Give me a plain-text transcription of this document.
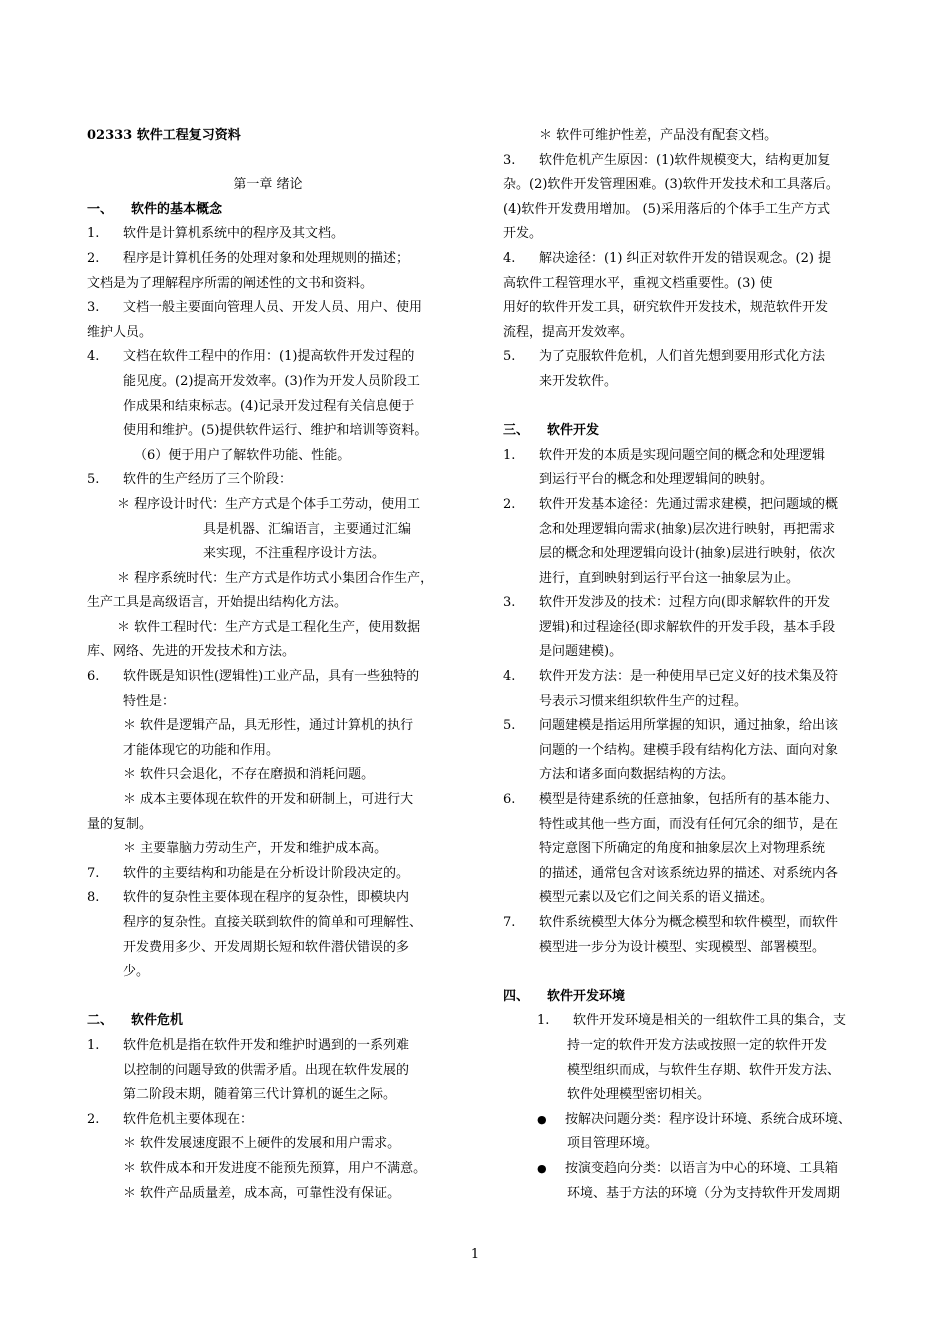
02333 软件工程复习资料
第一章 绪论
一、 软件的基本概念
1. 软件是计算机系统中的程序及其文档。
2. 程序是计算机任务的处理对象和处理规则的描述；
文档是为了理解程序所需的阐述性的文书和资料。
3. 文档一般主要面向管理人员、开发人员、用户、使用
维护人员。
4. 文档在软件工程中的作用：(1)提高软件开发过程的
能见度。(2)提高开发效率。(3)作为开发人员阶段工
作成果和结束标志。(4)记录开发过程有关信息便于
使用和维护。(5)提供软件运行、维护和培训等资料。
（6）便于用户了解软件功能、性能。
5. 软件的生产经历了三个阶段：
＊ 程序设计时代：生产方式是个体手工劳动，使用工
具是机器、汇编语言，主要通过汇编
来实现，不注重程序设计方法。
＊ 程序系统时代：生产方式是作坊式小集团合作生产，
生产工具是高级语言，开始提出结构化方法。
＊ 软件工程时代：生产方式是工程化生产，使用数据
库、网络、先进的开发技术和方法。
6. 软件既是知识性(逻辑性)工业产品，具有一些独特的
特性是：
＊ 软件是逻辑产品，具无形性，通过计算机的执行
才能体现它的功能和作用。
＊ 软件只会退化，不存在磨损和消耗问题。
＊ 成本主要体现在软件的开发和研制上，可进行大
量的复制。
＊ 主要靠脑力劳动生产，开发和维护成本高。
7. 软件的主要结构和功能是在分析设计阶段决定的。
8. 软件的复杂性主要体现在程序的复杂性，即模块内
程序的复杂性。直接关联到软件的简单和可理解性、
开发费用多少、开发周期长短和软件潜伏错误的多
少。
二、 软件危机
1. 软件危机是指在软件开发和维护时遇到的一系列难
以控制的问题导致的供需矛盾。出现在软件发展的
第二阶段末期，随着第三代计算机的诞生之际。
2. 软件危机主要体现在：
＊ 软件发展速度跟不上硬件的发展和用户需求。
＊ 软件成本和开发进度不能预先预算，用户不满意。
＊ 软件产品质量差，成本高，可靠性没有保证。
＊ 软件可维护性差，产品没有配套文档。
3. 软件危机产生原因：(1)软件规模变大，结构更加复
杂。(2)软件开发管理困难。(3)软件开发技术和工具落后。
(4)软件开发费用增加。 (5)采用落后的个体手工生产方式
开发。
4. 解决途径：(1) 纠正对软件开发的错误观念。(2) 提
高软件工程管理水平，重视文档重要性。(3) 使
用好的软件开发工具，研究软件开发技术，规范软件开发
流程，提高开发效率。
5. 为了克服软件危机，人们首先想到要用形式化方法
来开发软件。
三、 软件开发
1. 软件开发的本质是实现问题空间的概念和处理逻辑
到运行平台的概念和处理逻辑间的映射。
2. 软件开发基本途径：先通过需求建模，把问题域的概
念和处理逻辑向需求(抽象)层次进行映射，再把需求
层的概念和处理逻辑向设计(抽象)层进行映射，依次
进行，直到映射到运行平台这一抽象层为止。
3. 软件开发涉及的技术：过程方向(即求解软件的开发
逻辑)和过程途径(即求解软件的开发手段，基本手段
是问题建模)。
4. 软件开发方法：是一种使用早已定义好的技术集及符
号表示习惯来组织软件生产的过程。
5. 问题建模是指运用所掌握的知识，通过抽象，给出该
问题的一个结构。建模手段有结构化方法、面向对象
方法和诸多面向数据结构的方法。
6. 模型是待建系统的任意抽象，包括所有的基本能力、
特性或其他一些方面，而没有任何冗余的细节，是在
特定意图下所确定的角度和抽象层次上对物理系统
的描述，通常包含对该系统边界的描述、对系统内各
模型元素以及它们之间关系的语义描述。
7. 软件系统模型大体分为概念模型和软件模型，而软件
模型进一步分为设计模型、实现模型、部署模型。
四、 软件开发环境
1. 软件开发环境是相关的一组软件工具的集合，支
持一定的软件开发方法或按照一定的软件开发
模型组织而成，与软件生存期、软件开发方法、
软件处理模型密切相关。
● 按解决问题分类：程序设计环境、系统合成环境、
项目管理环境。
● 按演变趋向分类：以语言为中心的环境、工具箱
环境、基于方法的环境（分为支持软件开发周期
1
